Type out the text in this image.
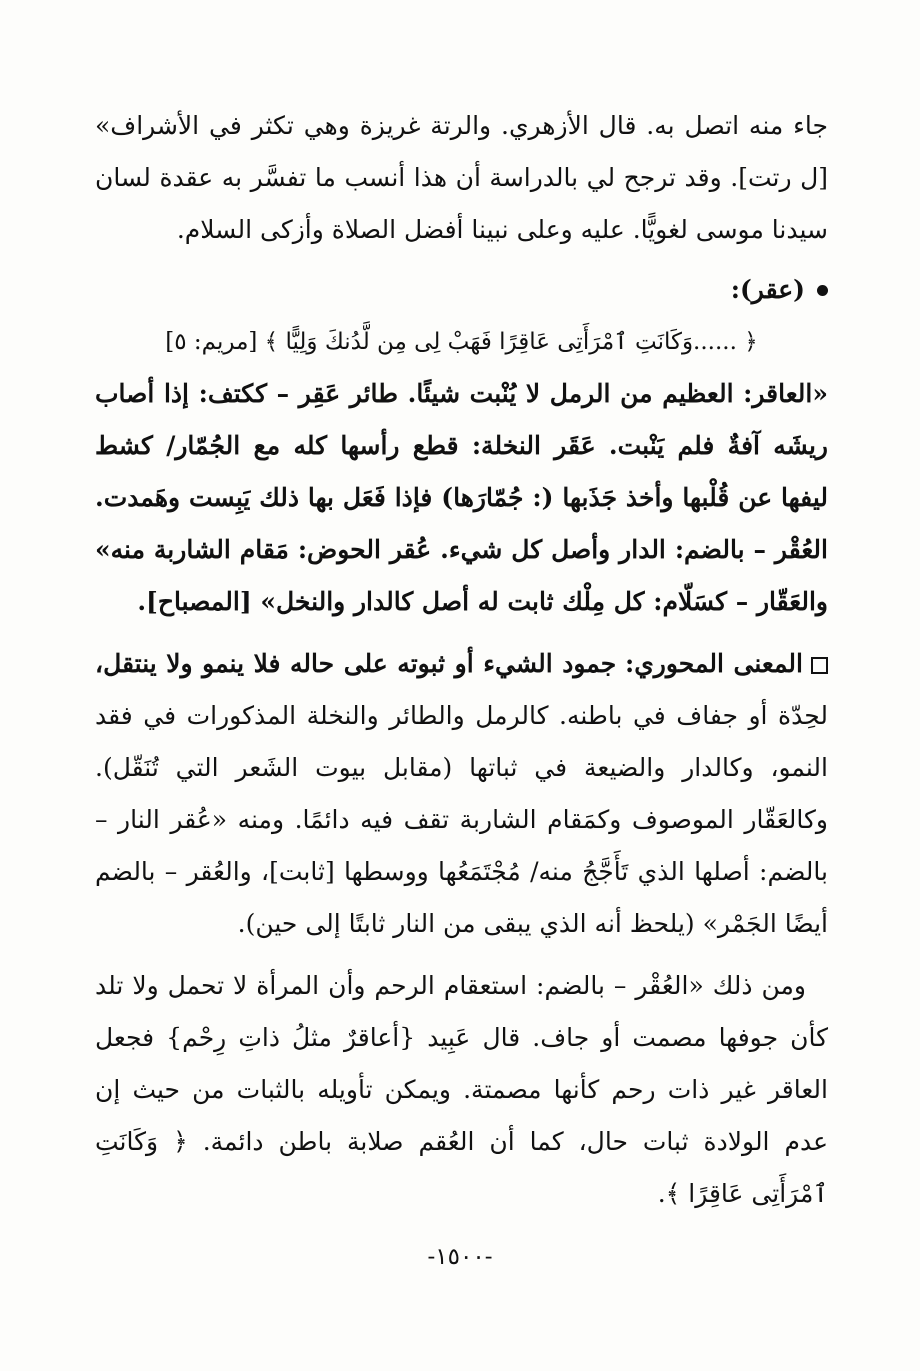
جاء منه اتصل به. قال الأزهري. والرتة غريزة وهي تكثر في الأشراف» [ل رتت]. وقد ترجح لي بالدراسة أن هذا أنسب ما تفسَّر به عقدة لسان سيدنا موسى لغويًّا. عليه وعلى نبينا أفضل الصلاة وأزكى السلام.

(عقر):

﴿ ......وَكَانَتِ ٱمْرَأَتِى عَاقِرًا فَهَبْ لِى مِن لَّدُنكَ وَلِيًّا ﴾ [مريم: ٥]

«العاقر: العظيم من الرمل لا يُنْبت شيئًا. طائر عَقِر – ككتف: إذا أصاب ريشَه آفةٌ فلم يَنْبت. عَقَر النخلة: قطع رأسها كله مع الجُمّار/ كشط ليفها عن قُلْبها وأخذ جَذَبها (: جُمّارَها) فإذا فَعَل بها ذلك يَبِست وهَمدت. العُقْر – بالضم: الدار وأصل كل شيء. عُقر الحوض: مَقام الشاربة منه» والعَقّار – كسَلّام: كل مِلْك ثابت له أصل كالدار والنخل» [المصباح].

المعنى المحوري: جمود الشيء أو ثبوته على حاله فلا ينمو ولا ينتقل، لحِدّة أو جفاف في باطنه. كالرمل والطائر والنخلة المذكورات في فقد النمو، وكالدار والضيعة في ثباتها (مقابل بيوت الشَعر التي تُنَقّل). وكالعَقّار الموصوف وكمَقام الشاربة تقف فيه دائمًا. ومنه «عُقر النار – بالضم: أصلها الذي تَأَجَّجُ منه/ مُجْتَمَعُها ووسطها [ثابت]، والعُقر – بالضم أيضًا الجَمْر» (يلحظ أنه الذي يبقى من النار ثابتًا إلى حين).

ومن ذلك «العُقْر – بالضم: استعقام الرحم وأن المرأة لا تحمل ولا تلد كأن جوفها مصمت أو جاف. قال عَبِيد {أعاقرٌ مثلُ ذاتِ رِحْم} فجعل العاقر غير ذات رحم كأنها مصمتة. ويمكن تأويله بالثبات من حيث إن عدم الولادة ثبات حال، كما أن العُقم صلابة باطن دائمة. ﴿ وَكَانَتِ ٱمْرَأَتِى عَاقِرًا ﴾.

-١٥٠٠-
